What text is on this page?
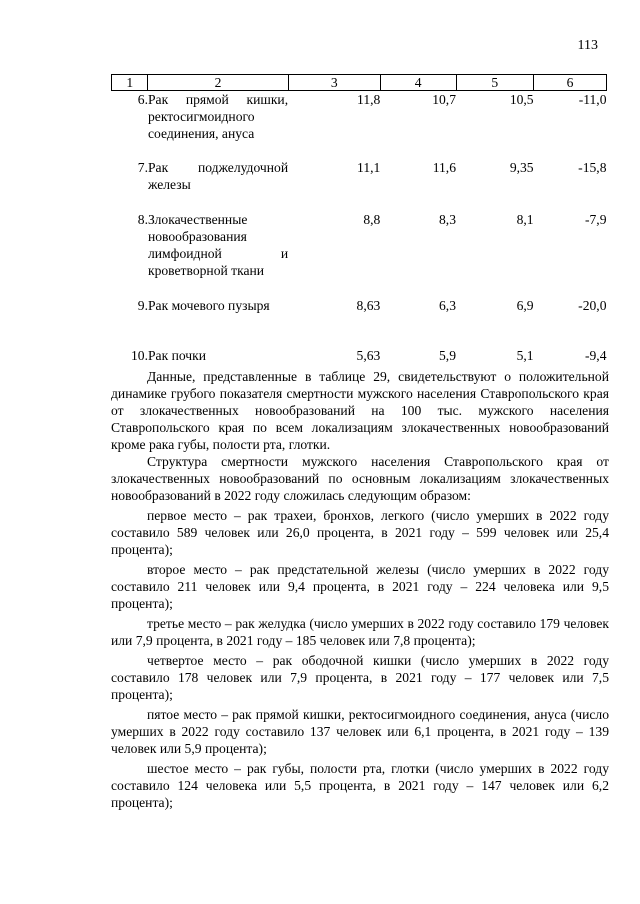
113
1	2	3	4	5	6
6.	Рак прямой кишки, ректосигмоидного соединения, ануса	11,8	10,7	10,5	-11,0
7.	Рак поджелудочной железы	11,1	11,6	9,35	-15,8
8.	Злокачественные новообразования лимфоидной и кроветворной ткани	8,8	8,3	8,1	-7,9
9.	Рак мочевого пузыря	8,63	6,3	6,9	-20,0
10.	Рак почки	5,63	5,9	5,1	-9,4

Данные, представленные в таблице 29, свидетельствуют о положительной динамике грубого показателя смертности мужского населения Ставропольского края от злокачественных новообразований на 100 тыс. мужского населения Ставропольского края по всем локализациям злокачественных новообразований кроме рака губы, полости рта, глотки.

Структура смертности мужского населения Ставропольского края от злокачественных новообразований по основным локализациям злокачественных новообразований в 2022 году сложилась следующим образом:

первое место – рак трахеи, бронхов, легкого (число умерших в 2022 году составило 589 человек или 26,0 процента, в 2021 году – 599 человек или 25,4 процента);

второе место – рак предстательной железы (число умерших в 2022 году составило 211 человек или 9,4 процента, в 2021 году – 224 человека или 9,5 процента);

третье место – рак желудка (число умерших в 2022 году составило 179 человек или 7,9 процента, в 2021 году – 185 человек или 7,8 процента);

четвертое место – рак ободочной кишки (число умерших в 2022 году составило 178 человек или 7,9 процента, в 2021 году – 177 человек или 7,5 процента);

пятое место – рак прямой кишки, ректосигмоидного соединения, ануса (число умерших в 2022 году составило 137 человек или 6,1 процента, в 2021 году – 139 человек или 5,9 процента);

шестое место – рак губы, полости рта, глотки (число умерших в 2022 году составило 124 человека или 5,5 процента, в 2021 году – 147 человек или 6,2 процента);
